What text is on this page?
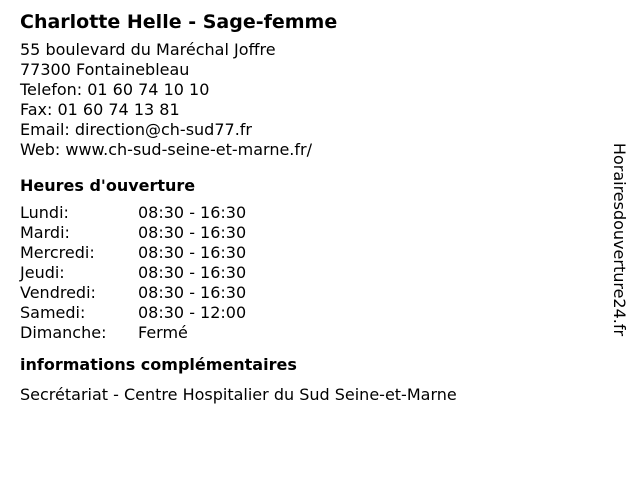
Charlotte Helle - Sage-femme
55 boulevard du Maréchal Joffre
77300 Fontainebleau
Telefon: 01 60 74 10 10
Fax: 01 60 74 13 81
Email: direction@ch-sud77.fr
Web: www.ch-sud-seine-et-marne.fr/
Heures d'ouverture
Lundi:	08:30 - 16:30
Mardi:	08:30 - 16:30
Mercredi:	08:30 - 16:30
Jeudi:	08:30 - 16:30
Vendredi:	08:30 - 16:30
Samedi:	08:30 - 12:00
Dimanche:	Fermé
informations complémentaires
Secrétariat - Centre Hospitalier du Sud Seine-et-Marne
Horairesdouverture24.fr
